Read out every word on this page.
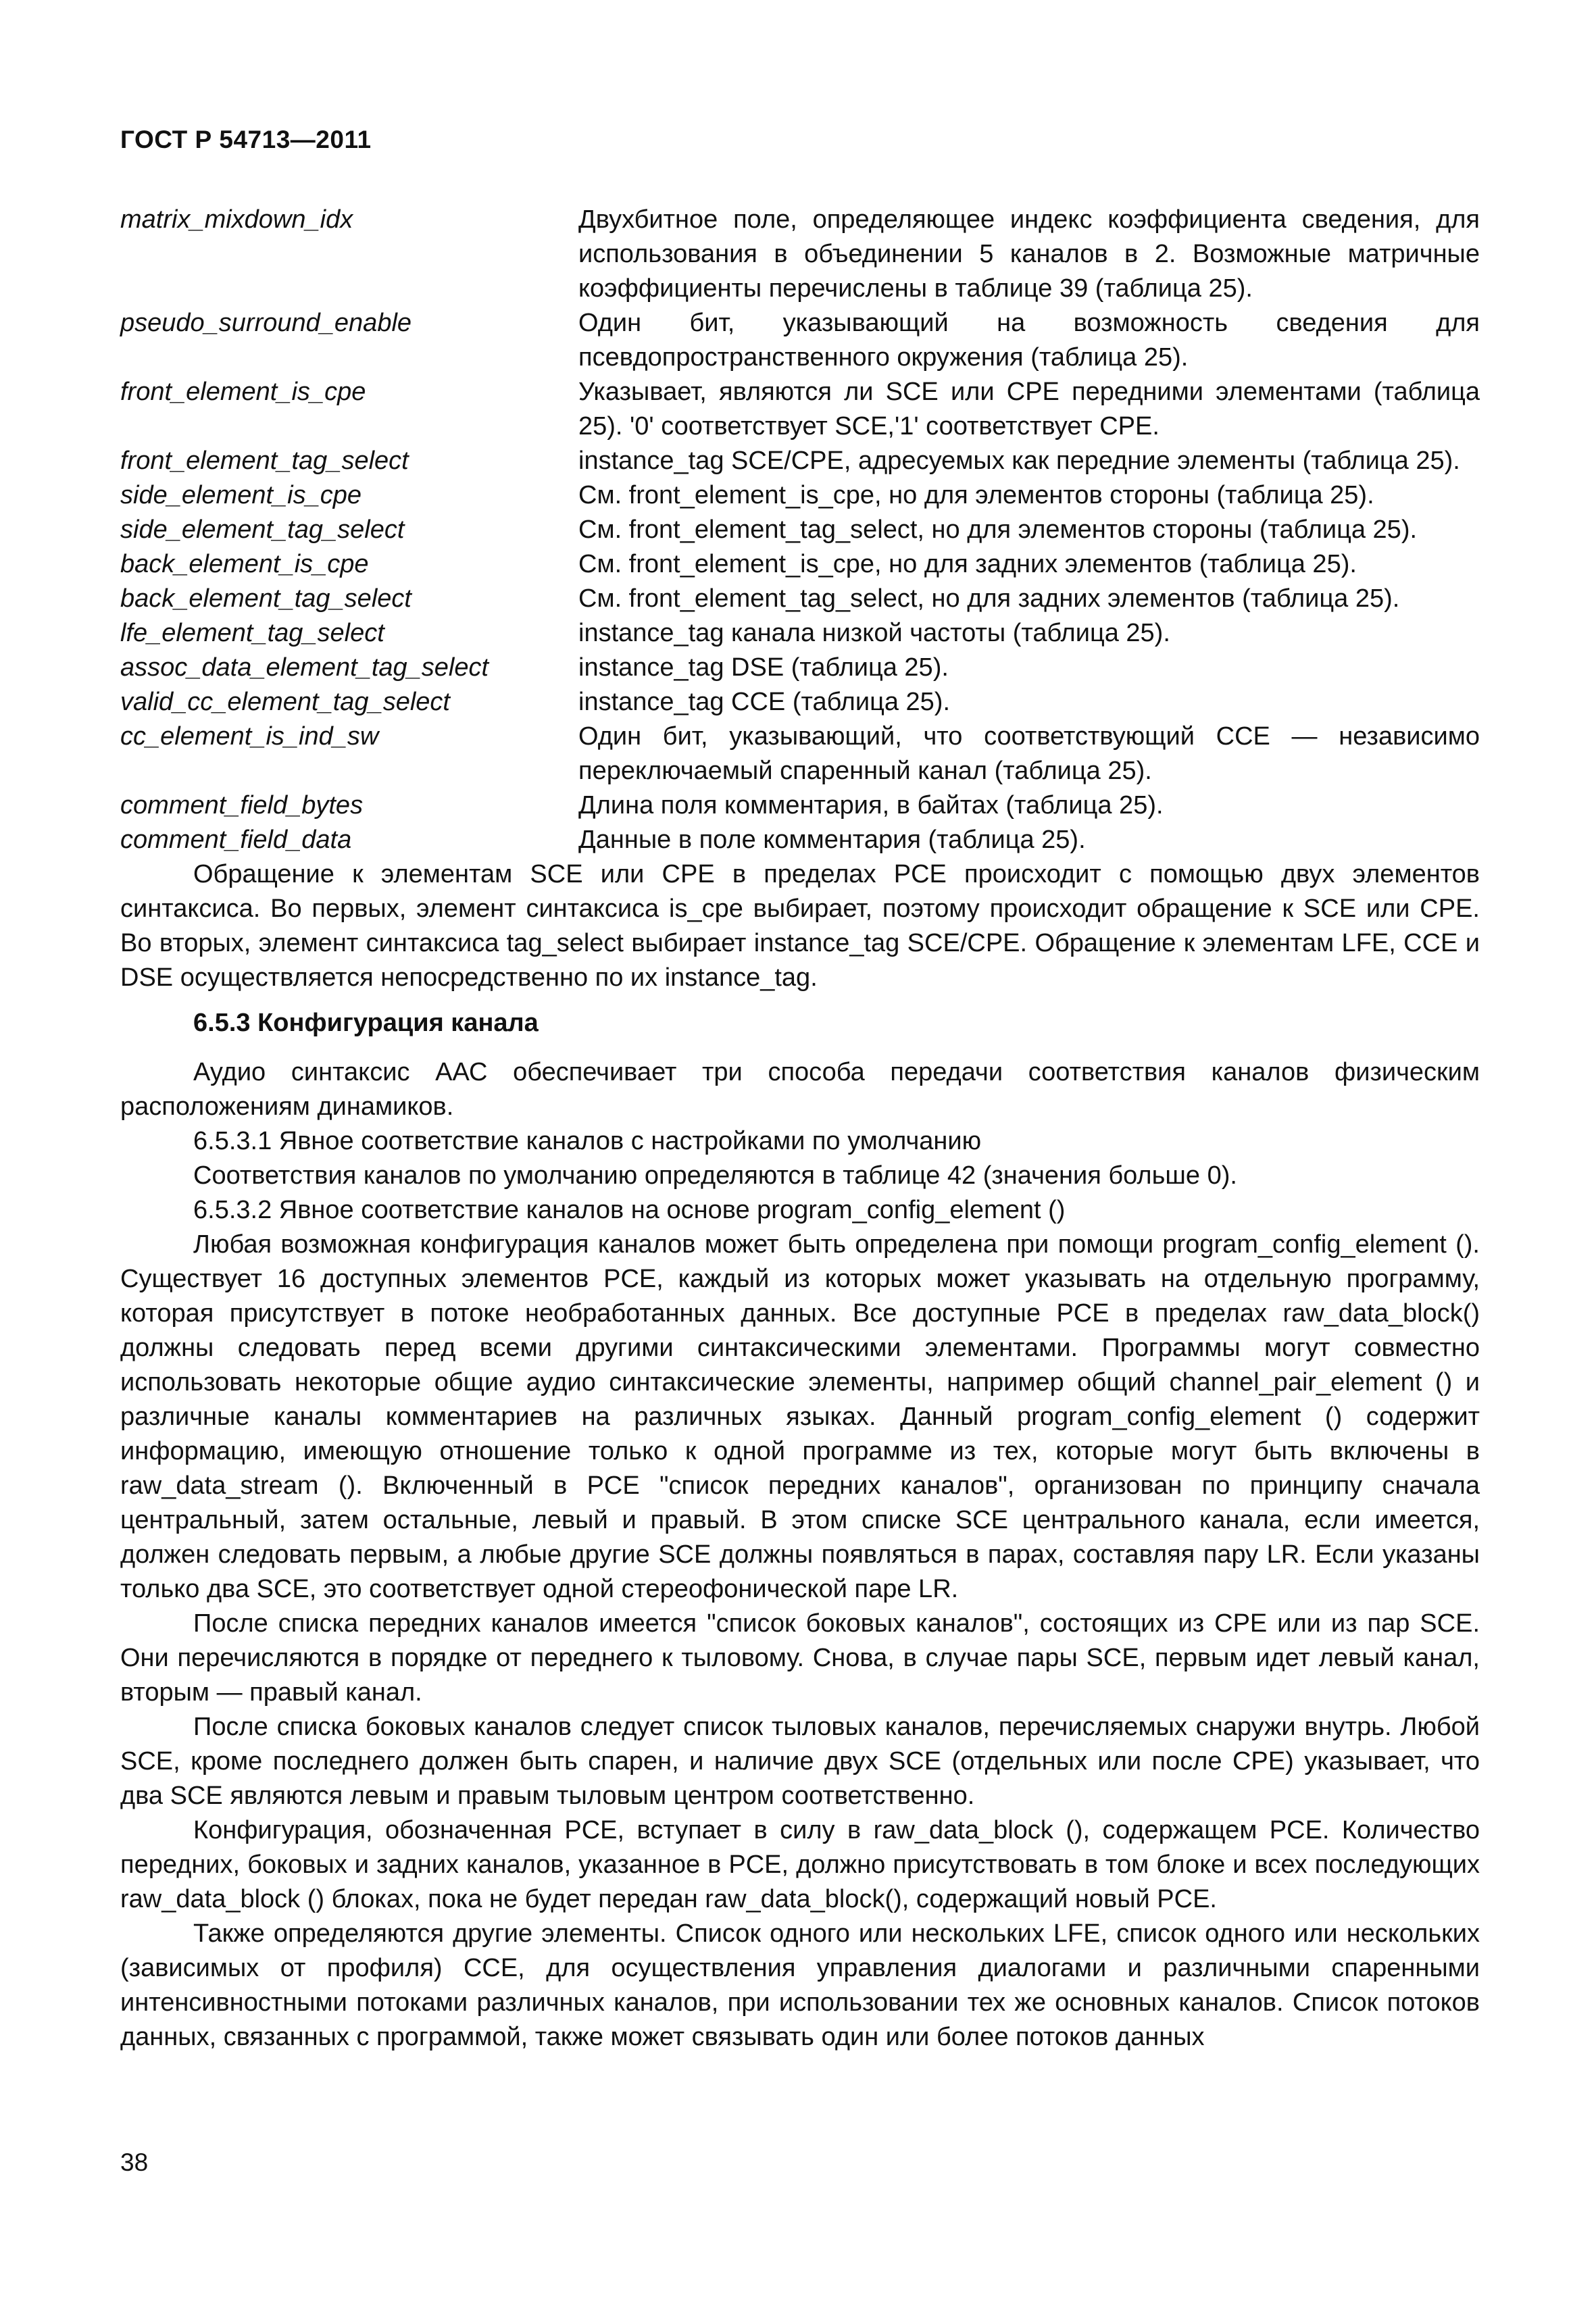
ГОСТ Р 54713—2011
matrix_mixdown_idx	Двухбитное поле, определяющее индекс коэффициента сведения, для использования в объединении 5 каналов в 2. Возможные матричные коэффициенты перечислены в таблице 39 (таблица 25).
pseudo_surround_enable	Один бит, указывающий на возможность сведения для псевдопространственного окружения (таблица 25).
front_element_is_cpe	Указывает, являются ли SCE или CPE передними элементами (таблица 25). '0' соответствует SCE,'1' соответствует CPE.
front_element_tag_select	instance_tag SCE/CPE, адресуемых как передние элементы (таблица 25).
side_element_is_cpe	См. front_element_is_cpe, но для элементов стороны (таблица 25).
side_element_tag_select	См. front_element_tag_select, но для элементов стороны (таблица 25).
back_element_is_cpe	См. front_element_is_cpe, но для задних элементов (таблица 25).
back_element_tag_select	См. front_element_tag_select, но для задних элементов (таблица 25).
lfe_element_tag_select	instance_tag канала низкой частоты (таблица 25).
assoc_data_element_tag_select	instance_tag DSE (таблица 25).
valid_cc_element_tag_select	instance_tag CCE (таблица 25).
cc_element_is_ind_sw	Один бит, указывающий, что соответствующий CCE — независимо переключаемый спаренный канал (таблица 25).
comment_field_bytes	Длина поля комментария, в байтах (таблица 25).
comment_field_data	Данные в поле комментария (таблица 25).

Обращение к элементам SCE или CPE в пределах PCE происходит с помощью двух элементов синтаксиса. Во первых, элемент синтаксиса is_cpe выбирает, поэтому происходит обращение к SCE или CPE. Во вторых, элемент синтаксиса tag_select выбирает instance_tag SCE/CPE. Обращение к элементам LFE, CCE и DSE осуществляется непосредственно по их instance_tag.

6.5.3 Конфигурация канала

Аудио синтаксис ААС обеспечивает три способа передачи соответствия каналов физическим расположениям динамиков.

6.5.3.1 Явное соответствие каналов с настройками по умолчанию

Соответствия каналов по умолчанию определяются в таблице 42 (значения больше 0).

6.5.3.2 Явное соответствие каналов на основе program_config_element ()

Любая возможная конфигурация каналов может быть определена при помощи program_config_element (). Существует 16 доступных элементов PCE, каждый из которых может указывать на отдельную программу, которая присутствует в потоке необработанных данных. Все доступные PCE в пределах raw_data_block() должны следовать перед всеми другими синтаксическими элементами. Программы могут совместно использовать некоторые общие аудио синтаксические элементы, например общий channel_pair_element () и различные каналы комментариев на различных языках. Данный program_config_element () содержит информацию, имеющую отношение только к одной программе из тех, которые могут быть включены в raw_data_stream (). Включенный в PCE "список передних каналов", организован по принципу сначала центральный, затем остальные, левый и правый. В этом списке SCE центрального канала, если имеется, должен следовать первым, а любые другие SCE должны появляться в парах, составляя пару LR. Если указаны только два SCE, это соответствует одной стереофонической паре LR.

После списка передних каналов имеется "список боковых каналов", состоящих из CPE или из пар SCE. Они перечисляются в порядке от переднего к тыловому. Снова, в случае пары SCE, первым идет левый канал, вторым — правый канал.

После списка боковых каналов следует список тыловых каналов, перечисляемых снаружи внутрь. Любой SCE, кроме последнего должен быть спарен, и наличие двух SCE (отдельных или после CPE) указывает, что два SCE являются левым и правым тыловым центром соответственно.

Конфигурация, обозначенная PCE, вступает в силу в raw_data_block (), содержащем PCE. Количество передних, боковых и задних каналов, указанное в PCE, должно присутствовать в том блоке и всех последующих raw_data_block () блоках, пока не будет передан raw_data_block(), содержащий новый PCE.

Также определяются другие элементы. Список одного или нескольких LFE, список одного или нескольких (зависимых от профиля) CCE, для осуществления управления диалогами и различными спаренными интенсивностными потоками различных каналов, при использовании тех же основных каналов. Список потоков данных, связанных с программой, также может связывать один или более потоков данных

38
